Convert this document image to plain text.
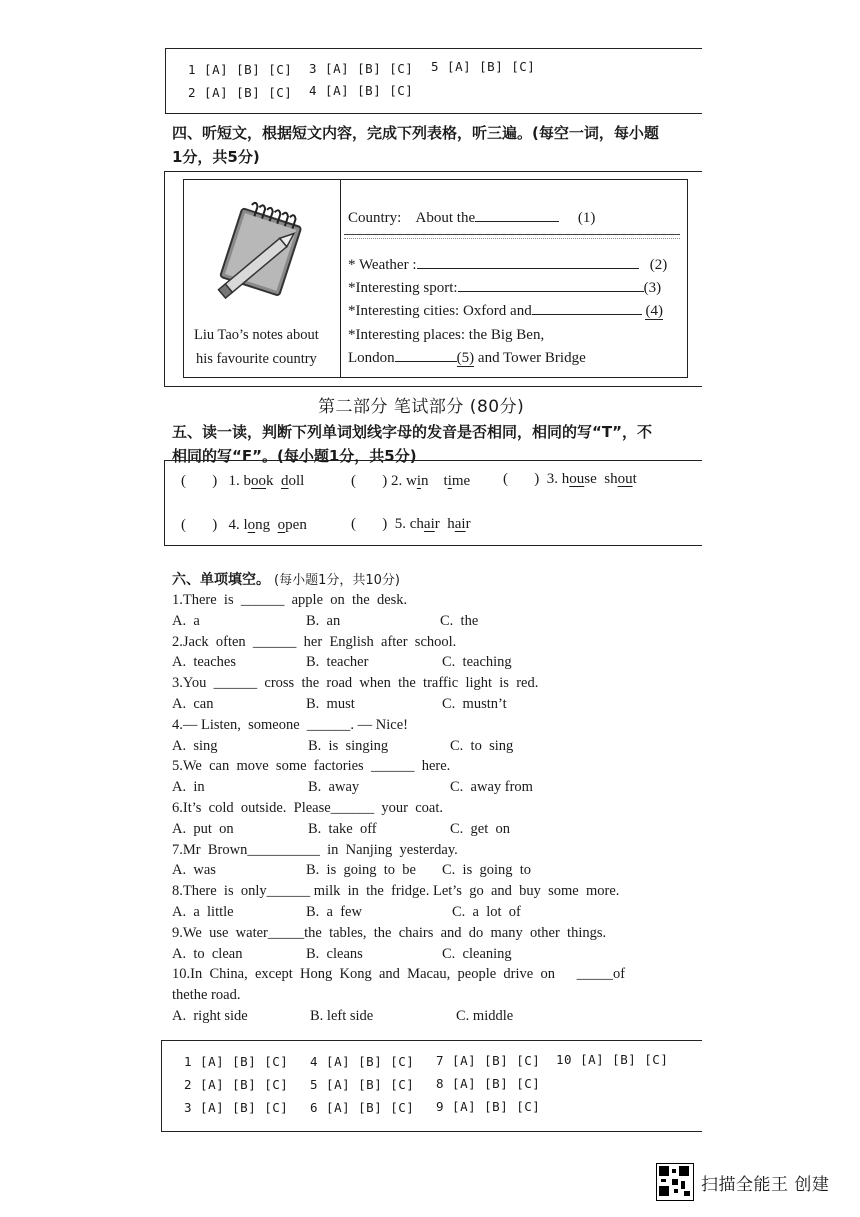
1 [A] [B] [C] 3 [A] [B] [C] 5 [A] [B] [C]
2 [A] [B] [C] 4 [A] [B] [C]
四、听短文，根据短文内容，完成下列表格，听三遍。(每空一词，每小题
1分，共5分)
Liu Tao’s notes about
his favourite country
Country: About the	(1)
* Weather :	(2)
*Interesting sport:	(3)
*Interesting cities: Oxford and	(4)
*Interesting places: the Big Ben,
London	(5) and Tower Bridge
第二部分 笔试部分 (80分)
五、读一读，判断下列单词划线字母的发音是否相同，相同的写“T”，不
相同的写“F”。(每小题1分，共5分)
(       ) 1. book doll	(       ) 2. win time (       ) 3. house shout
(       ) 4. long open	(       ) 5. chair hair
六、单项填空。 (每小题1分，共10分)
1.There  is  ______  apple  on  the  desk.
A.  a	B.  an	C.  the
2.Jack  often  ______  her  English  after  school.
A.  teaches	B.  teacher	C.  teaching
3.You  ______  cross  the  road  when  the  traffic  light  is  red.
A.  can	B.  must	C.  mustn’t
4.— Listen,  someone  ______. — Nice!
A.  sing	B.  is  singing	C.  to  sing
5.We  can  move  some  factories  ______  here.
A.  in	B.  away	C.  away from
6.It’s  cold  outside.  Please______  your  coat.
A.  put  on	B.  take  off	C.  get  on
7.Mr  Brown__________  in  Nanjing  yesterday.
A.  was	B.  is  going  to  be C.  is  going  to
8.There  is  only______ milk  in  the  fridge. Let’s  go  and  buy  some  more.
A.  a  little	B.  a  few	C.  a  lot  of
9.We  use  water_____the  tables,  the  chairs  and  do  many  other  things.
A.  to  clean	B.  cleans	C.  cleaning
10.In  China,  except  Hong  Kong  and  Macau,  people  drive  on      _____of
thethe road.
A.  right side	B. left side	C. middle
1 [A] [B] [C] 4 [A] [B] [C] 7 [A] [B] [C] 10 [A] [B] [C]
2 [A] [B] [C] 5 [A] [B] [C] 8 [A] [B] [C]
3 [A] [B] [C] 6 [A] [B] [C] 9 [A] [B] [C]
扫描全能王 创建
